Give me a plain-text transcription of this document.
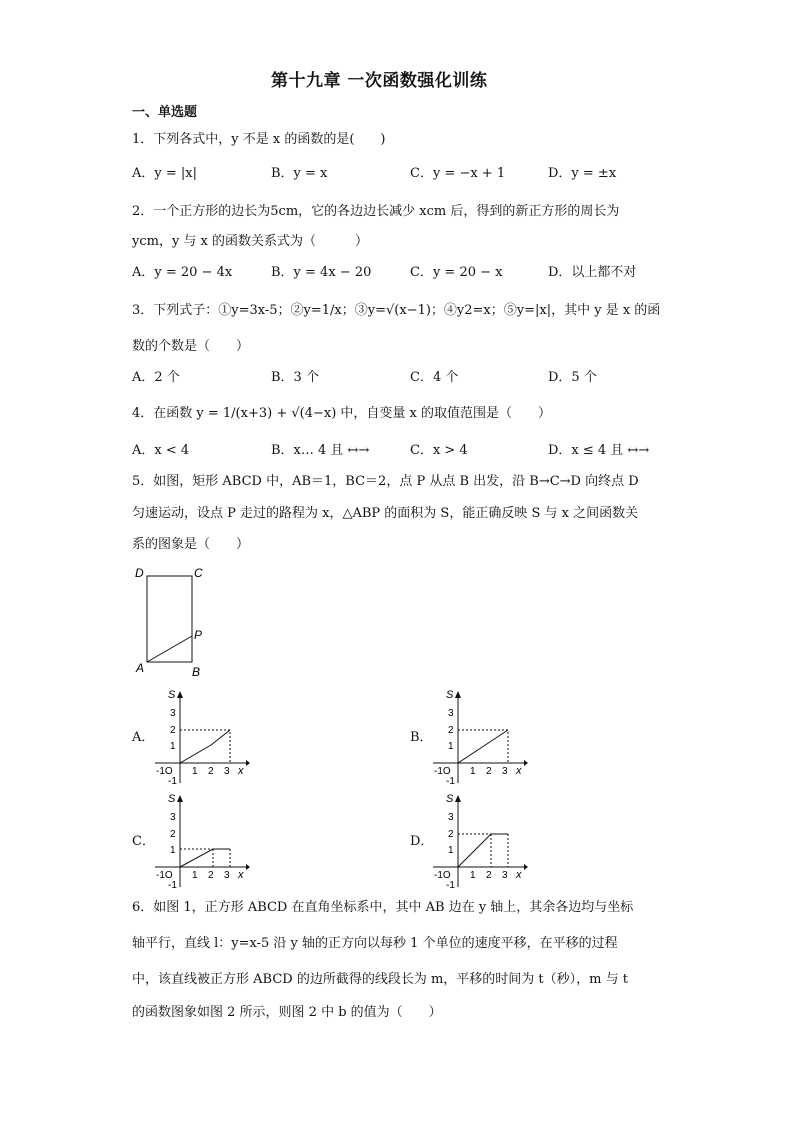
第十九章 一次函数强化训练
一、单选题
1．下列各式中，y 不是 x 的函数的是(　　)
A．y = |x|	B．y = x	C．y = −x + 1	D．y = ±x
2．一个正方形的边长为5cm，它的各边边长减少 xcm 后，得到的新正方形的周长为
ycm，y 与 x 的函数关系式为（　　　）
A．y = 20 − 4x	B．y = 4x − 20	C．y = 20 − x	D．以上都不对
3．下列式子：①y=3x-5；②y=1/x；③y=√(x−1)；④y2=x；⑤y=|x|，其中 y 是 x 的函
数的个数是（　　）
A．2 个	B．3 个	C．4 个	D．5 个
4．在函数 y = 1/(x+3) + √(4−x) 中，自变量 x 的取值范围是（　　）
A．x < 4	B．x… 4 且 ↔→	C．x > 4	D．x ≤ 4 且 ↔→
5．如图，矩形 ABCD 中，AB＝1，BC＝2，点 P 从点 B 出发，沿 B→C→D 向终点 D
匀速运动，设点 P 走过的路程为 x，△ABP 的面积为 S，能正确反映 S 与 x 之间函数关
系的图象是（　　）
D	C
P
A	B
A．	B．
C．	D．
S
3
2
1
-1O
-1
1 2 3 x
S
3
2
1
-1O
-1
1 2 3 x
S
3
2
1
-1O
-1
1 2 3 x
S
3
2
1
-1O
-1
1 2 3 x
6．如图 1，正方形 ABCD 在直角坐标系中，其中 AB 边在 y 轴上，其余各边均与坐标
轴平行，直线 l：y=x-5 沿 y 轴的正方向以每秒 1 个单位的速度平移，在平移的过程
中，该直线被正方形 ABCD 的边所截得的线段长为 m，平移的时间为 t（秒），m 与 t
的函数图象如图 2 所示，则图 2 中 b 的值为（　　）
